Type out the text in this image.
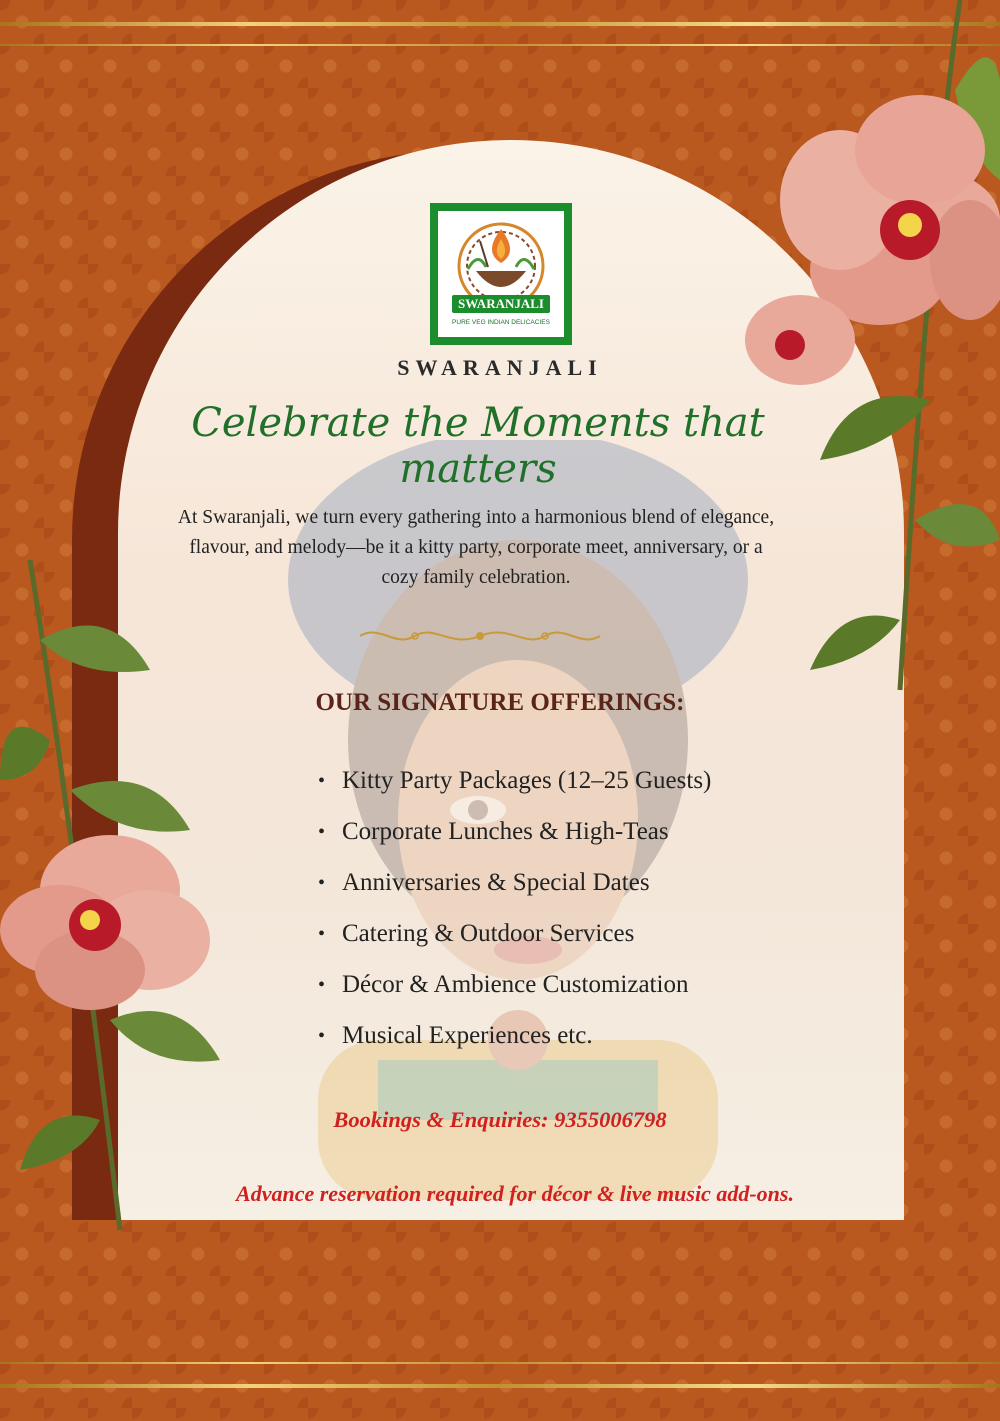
SWARANJALI
PURE VEG INDIAN DELICACIES
SWARANJALI
Celebrate the Moments that matters
At Swaranjali, we turn every gathering into a harmonious blend of elegance, flavour, and melody—be it a kitty party, corporate meet, anniversary, or a cozy family celebration.
OUR SIGNATURE OFFERINGS:
• Kitty Party Packages (12–25 Guests)
• Corporate Lunches & High-Teas
• Anniversaries & Special Dates
• Catering & Outdoor Services
• Décor & Ambience Customization
• Musical Experiences etc.
Bookings & Enquiries: 9355006798
Advance reservation required for décor & live music add-ons.
